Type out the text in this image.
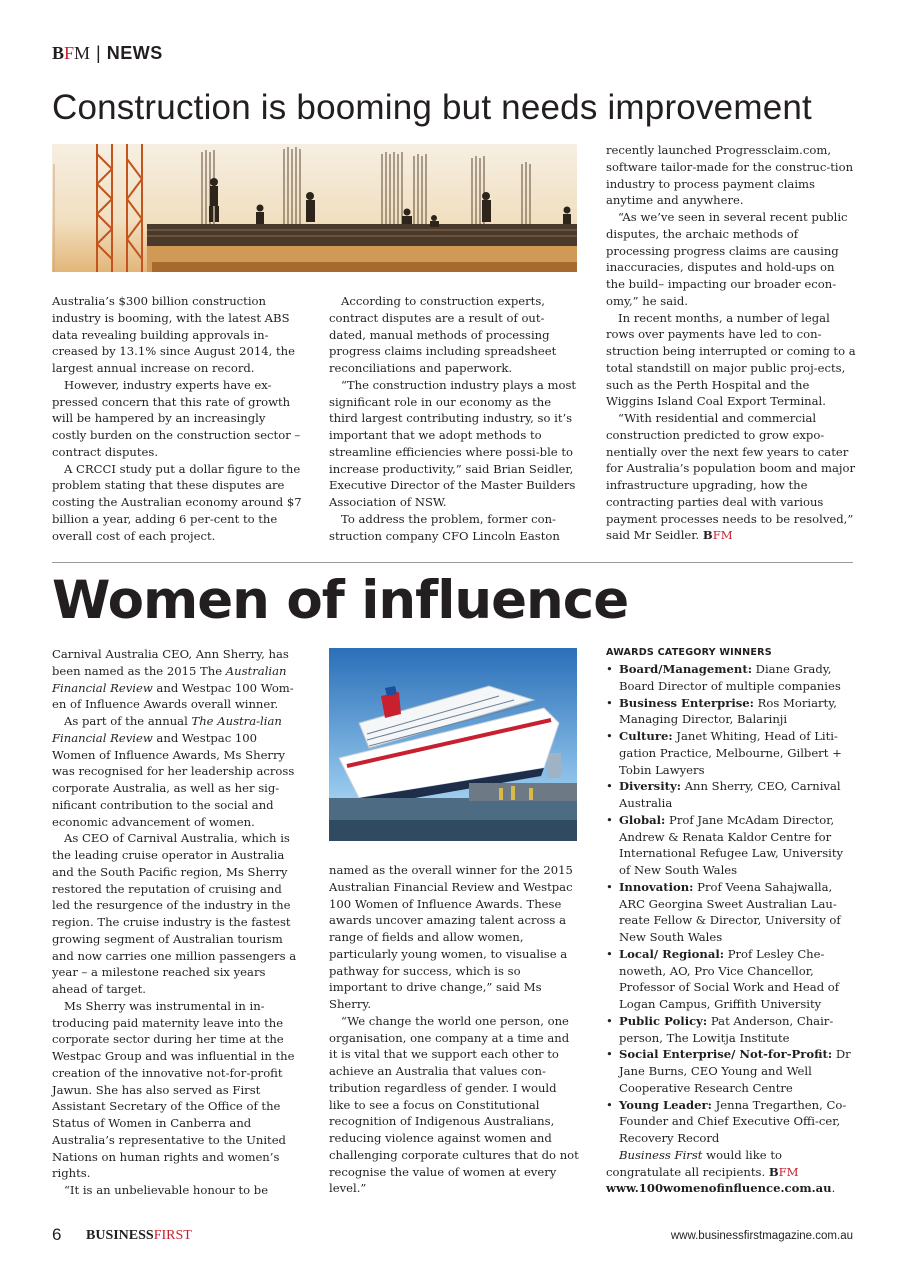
B F M | NEWS
Construction is booming but needs improvement

Australia’s $300 billion construction industry is booming, with the latest ABS data revealing building approvals in-creased by 13.1% since August 2014, the largest annual increase on record.

However, industry experts have ex-pressed concern that this rate of growth will be hampered by an increasingly costly burden on the construction sector – contract disputes.

A CRCCI study put a dollar figure to the problem stating that these disputes are costing the Australian economy around $7 billion a year, adding 6 per-cent to the overall cost of each project.

According to construction experts, contract disputes are a result of out-dated, manual methods of processing progress claims including spreadsheet reconciliations and paperwork.

“The construction industry plays a most significant role in our economy as the third largest contributing industry, so it’s important that we adopt methods to streamline efficiencies where possi-ble to increase productivity,” said Brian Seidler, Executive Director of the Master Builders Association of NSW.

To address the problem, former con-struction company CFO Lincoln Easton

recently launched Progressclaim.com, software tailor-made for the construc-tion industry to process payment claims anytime and anywhere.

“As we’ve seen in several recent public disputes, the archaic methods of processing progress claims are causing inaccuracies, disputes and hold-ups on the build– impacting our broader econ-omy,” he said.

In recent months, a number of legal rows over payments have led to con-struction being interrupted or coming to a total standstill on major public proj-ects, such as the Perth Hospital and the Wiggins Island Coal Export Terminal.

“With residential and commercial construction predicted to grow expo-nentially over the next few years to cater for Australia’s population boom and major infrastructure upgrading, how the contracting parties deal with various payment processes needs to be resolved,” said Mr Seidler. BFM

Women of influence

Carnival Australia CEO, Ann Sherry, has been named as the 2015 The Australian Financial Review and Westpac 100 Wom-en of Influence Awards overall winner.

As part of the annual The Austra-lian Financial Review and Westpac 100 Women of Influence Awards, Ms Sherry was recognised for her leadership across corporate Australia, as well as her sig-nificant contribution to the social and economic advancement of women.

As CEO of Carnival Australia, which is the leading cruise operator in Australia and the South Pacific region, Ms Sherry restored the reputation of cruising and led the resurgence of the industry in the region. The cruise industry is the fastest growing segment of Australian tourism and now carries one million passengers a year – a milestone reached six years ahead of target.

Ms Sherry was instrumental in in-troducing paid maternity leave into the corporate sector during her time at the Westpac Group and was influential in the creation of the innovative not-for-profit Jawun. She has also served as First Assistant Secretary of the Office of the Status of Women in Canberra and Australia’s representative to the United Nations on human rights and women’s rights.

“It is an unbelievable honour to be

named as the overall winner for the 2015 Australian Financial Review and Westpac 100 Women of Influence Awards. These awards uncover amazing talent across a range of fields and allow women, particularly young women, to visualise a pathway for success, which is so important to drive change,” said Ms Sherry.

“We change the world one person, one organisation, one company at a time and it is vital that we support each other to achieve an Australia that values con-tribution regardless of gender. I would like to see a focus on Constitutional recognition of Indigenous Australians, reducing violence against women and challenging corporate cultures that do not recognise the value of women at every level.”

AWARDS CATEGORY WINNERS
• Board/Management: Diane Grady, Board Director of multiple companies
• Business Enterprise: Ros Moriarty, Managing Director, Balarinji
• Culture: Janet Whiting, Head of Liti-gation Practice, Melbourne, Gilbert + Tobin Lawyers
• Diversity: Ann Sherry, CEO, Carnival Australia
• Global: Prof Jane McAdam Director, Andrew & Renata Kaldor Centre for International Refugee Law, University of New South Wales
• Innovation: Prof Veena Sahajwalla, ARC Georgina Sweet Australian Lau-reate Fellow & Director, University of New South Wales
• Local/ Regional: Prof Lesley Che-noweth, AO, Pro Vice Chancellor, Professor of Social Work and Head of Logan Campus, Griffith University
• Public Policy: Pat Anderson, Chair-person, The Lowitja Institute
• Social Enterprise/ Not-for-Profit: Dr Jane Burns, CEO Young and Well Cooperative Research Centre
• Young Leader: Jenna Tregarthen, Co-Founder and Chief Executive Offi-cer, Recovery Record

Business First would like to congratulate all recipients. BFM
www.100womenofinfluence.com.au.

6 BUSINESSFIRST	www.businessfirstmagazine.com.au
